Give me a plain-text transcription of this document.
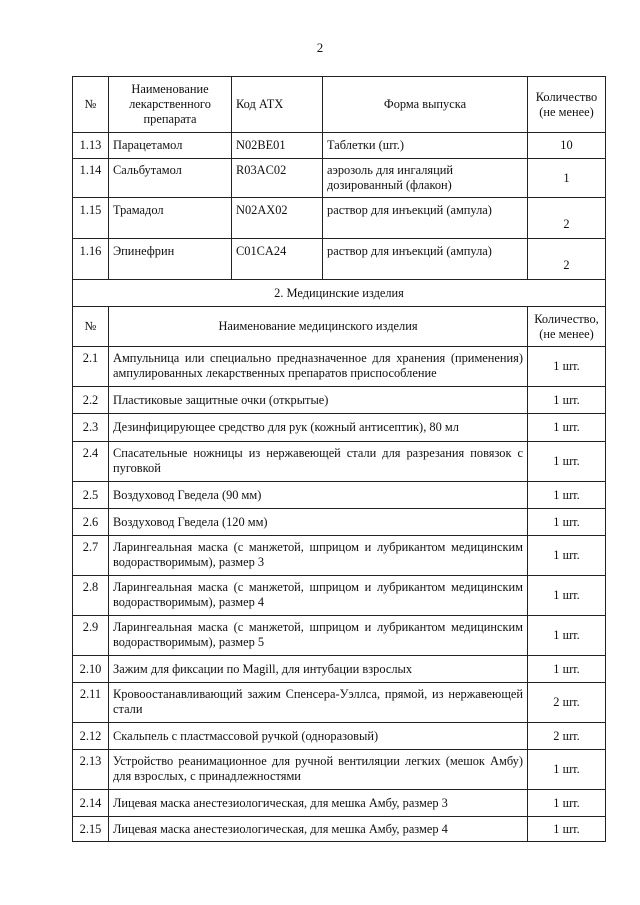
2
№	Наименование лекарственного препарата	Код АТХ	Форма выпуска	Количество (не менее)
1.13	Парацетамол	N02BE01	Таблетки (шт.)	10
1.14	Сальбутамол	R03AC02	аэрозоль для ингаляций дозированный (флакон)	1
1.15	Трамадол	N02AX02	раствор для инъекций (ампула)	2
1.16	Эпинефрин	C01CA24	раствор для инъекций (ампула)	2
2. Медицинские изделия				
№	Наименование медицинского изделия			Количество, (не менее)
2.1	Ампульница или специально предназначенное для хранения (применения) ампулированных лекарственных препаратов приспособление			1 шт.
2.2	Пластиковые защитные очки (открытые)			1 шт.
2.3	Дезинфицирующее средство для рук (кожный антисептик), 80 мл			1 шт.
2.4	Спасательные ножницы из нержавеющей стали для разрезания повязок с пуговкой			1 шт.
2.5	Воздуховод Гведела (90 мм)			1 шт.
2.6	Воздуховод Гведела (120 мм)			1 шт.
2.7	Ларингеальная маска (с манжетой, шприцом и лубрикантом медицинским водорастворимым), размер 3			1 шт.
2.8	Ларингеальная маска (с манжетой, шприцом и лубрикантом медицинским водорастворимым), размер 4			1 шт.
2.9	Ларингеальная маска (с манжетой, шприцом и лубрикантом медицинским водорастворимым), размер 5			1 шт.
2.10	Зажим для фиксации по Magill, для интубации взрослых			1 шт.
2.11	Кровоостанавливающий зажим Спенсера-Уэллса, прямой, из нержавеющей стали			2 шт.
2.12	Скальпель с пластмассовой ручкой (одноразовый)			2 шт.
2.13	Устройство реанимационное для ручной вентиляции легких (мешок Амбу) для взрослых, с принадлежностями			1 шт.
2.14	Лицевая маска анестезиологическая, для мешка Амбу, размер 3			1 шт.
2.15	Лицевая маска анестезиологическая, для мешка Амбу, размер 4			1 шт.
